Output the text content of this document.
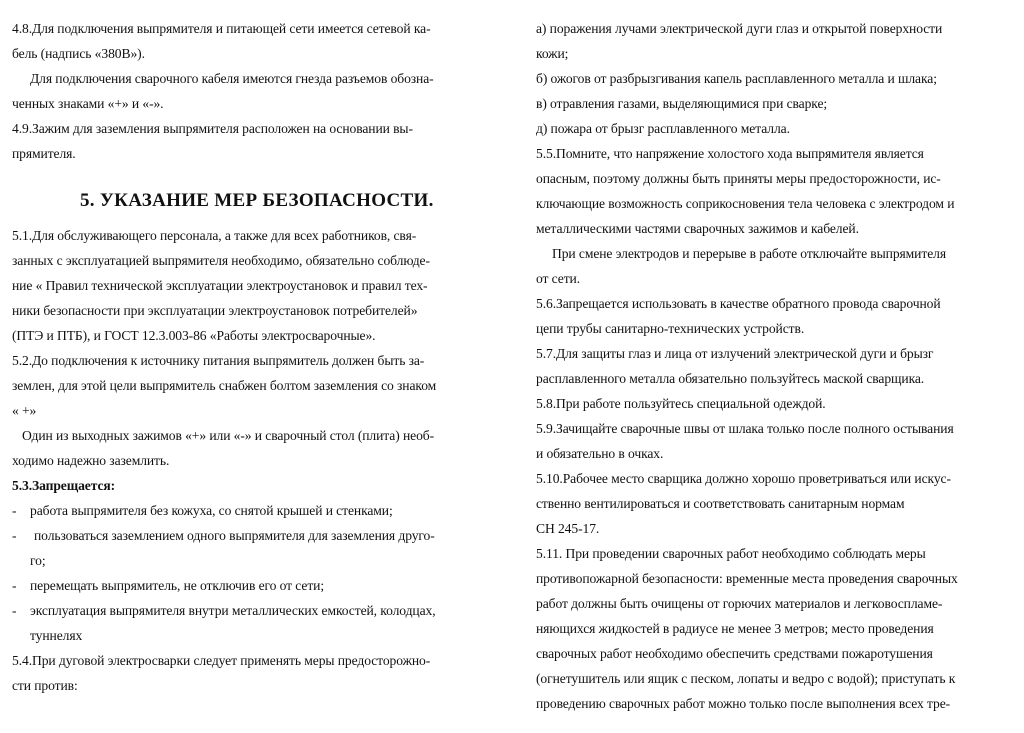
4.8.Для подключения выпрямителя и питающей сети имеется сетевой ка-
бель (надпись «380В»).
Для подключения сварочного кабеля имеются гнезда разъемов обозна-
ченных знаками «+» и «-».
4.9.Зажим для заземления выпрямителя расположен на основании вы-
прямителя.
5. УКАЗАНИЕ МЕР БЕЗОПАСНОСТИ.
5.1.Для обслуживающего персонала, а также для всех работников, свя-
занных с эксплуатацией выпрямителя необходимо, обязательно соблюде-
ние « Правил технической эксплуатации электроустановок и правил тех-
ники безопасности при эксплуатации электроустановок потребителей»
(ПТЭ и ПТБ), и ГОСТ 12.3.003-86 «Работы электросварочные».
5.2.До подключения к источнику питания выпрямитель должен быть за-
землен, для этой цели выпрямитель снабжен болтом заземления со знаком
« +»
Один из выходных зажимов «+» или «-» и сварочный стол (плита) необ-
ходимо надежно заземлить.
5.3.Запрещается:
- работа выпрямителя без кожуха, со снятой крышей и стенками;
- пользоваться заземлением одного выпрямителя для заземления друго-
го;
- перемещать выпрямитель, не отключив его от сети;
- эксплуатация выпрямителя внутри металлических емкостей, колодцах,
туннелях
5.4.При дуговой электросварки следует применять меры предосторожно-
сти против:
а) поражения лучами электрической дуги глаз и открытой поверхности
кожи;
б) ожогов от разбрызгивания капель расплавленного металла и шлака;
в) отравления газами, выделяющимися при сварке;
д) пожара от брызг расплавленного металла.
5.5.Помните, что напряжение холостого хода выпрямителя является
опасным, поэтому должны быть приняты меры предосторожности, ис-
ключающие возможность соприкосновения тела человека с электродом и
металлическими частями сварочных зажимов и кабелей.
При смене электродов и перерыве в работе отключайте выпрямителя
от сети.
5.6.Запрещается использовать в качестве обратного провода сварочной
цепи трубы санитарно-технических устройств.
5.7.Для защиты глаз и лица от излучений электрической дуги и брызг
расплавленного металла обязательно пользуйтесь маской сварщика.
5.8.При работе пользуйтесь специальной одеждой.
5.9.Зачищайте сварочные швы от шлака только после полного остывания
и обязательно в очках.
5.10.Рабочее место сварщика должно хорошо проветриваться или искус-
ственно вентилироваться и соответствовать санитарным нормам
СН 245-17.
5.11. При проведении сварочных работ необходимо соблюдать меры
противопожарной безопасности: временные места проведения сварочных
работ должны быть очищены от горючих материалов и легковоспламе-
няющихся жидкостей в радиусе не менее 3 метров; место проведения
сварочных работ необходимо обеспечить средствами пожаротушения
(огнетушитель или ящик с песком, лопаты и ведро с водой); приступать к
проведению сварочных работ можно только после выполнения всех тре-
